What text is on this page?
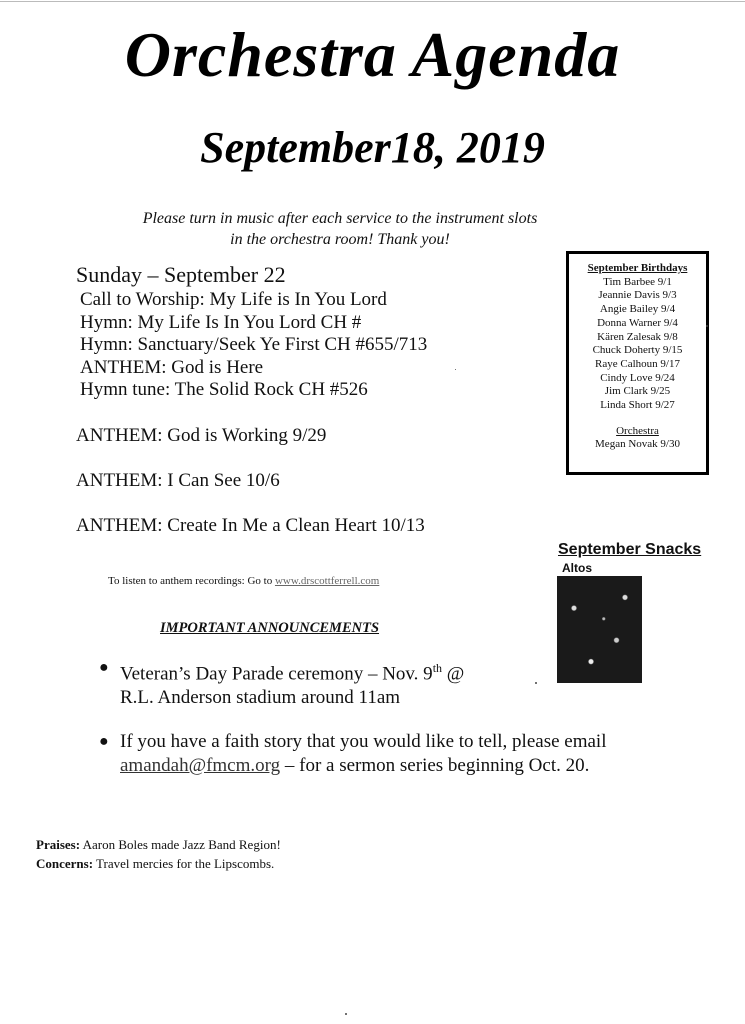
Orchestra Agenda
September18, 2019
Please turn in music after each service to the instrument slots
in the orchestra room! Thank you!
Sunday – September 22
Call to Worship: My Life is In You Lord
Hymn: My Life Is In You Lord CH #
Hymn: Sanctuary/Seek Ye First CH #655/713
ANTHEM: God is Here
Hymn tune: The Solid Rock CH #526
ANTHEM: God is Working 9/29
ANTHEM: I Can See 10/6
ANTHEM: Create In Me a Clean Heart 10/13
September Birthdays
Tim Barbee 9/1
Jeannie Davis 9/3
Angie Bailey 9/4
Donna Warner 9/4
Kären Zalesak 9/8
Chuck Doherty 9/15
Raye Calhoun 9/17
Cindy Love 9/24
Jim Clark 9/25
Linda Short 9/27
Orchestra
Megan Novak 9/30
September Snacks
Altos
To listen to anthem recordings: Go to www.drscottferrell.com
IMPORTANT ANNOUNCEMENTS
● Veteran’s Day Parade ceremony – Nov. 9th @
R.L. Anderson stadium around 11am
● If you have a faith story that you would like to tell, please email
amandah@fmcm.org – for a sermon series beginning Oct. 20.
Praises: Aaron Boles made Jazz Band Region!
Concerns: Travel mercies for the Lipscombs.
